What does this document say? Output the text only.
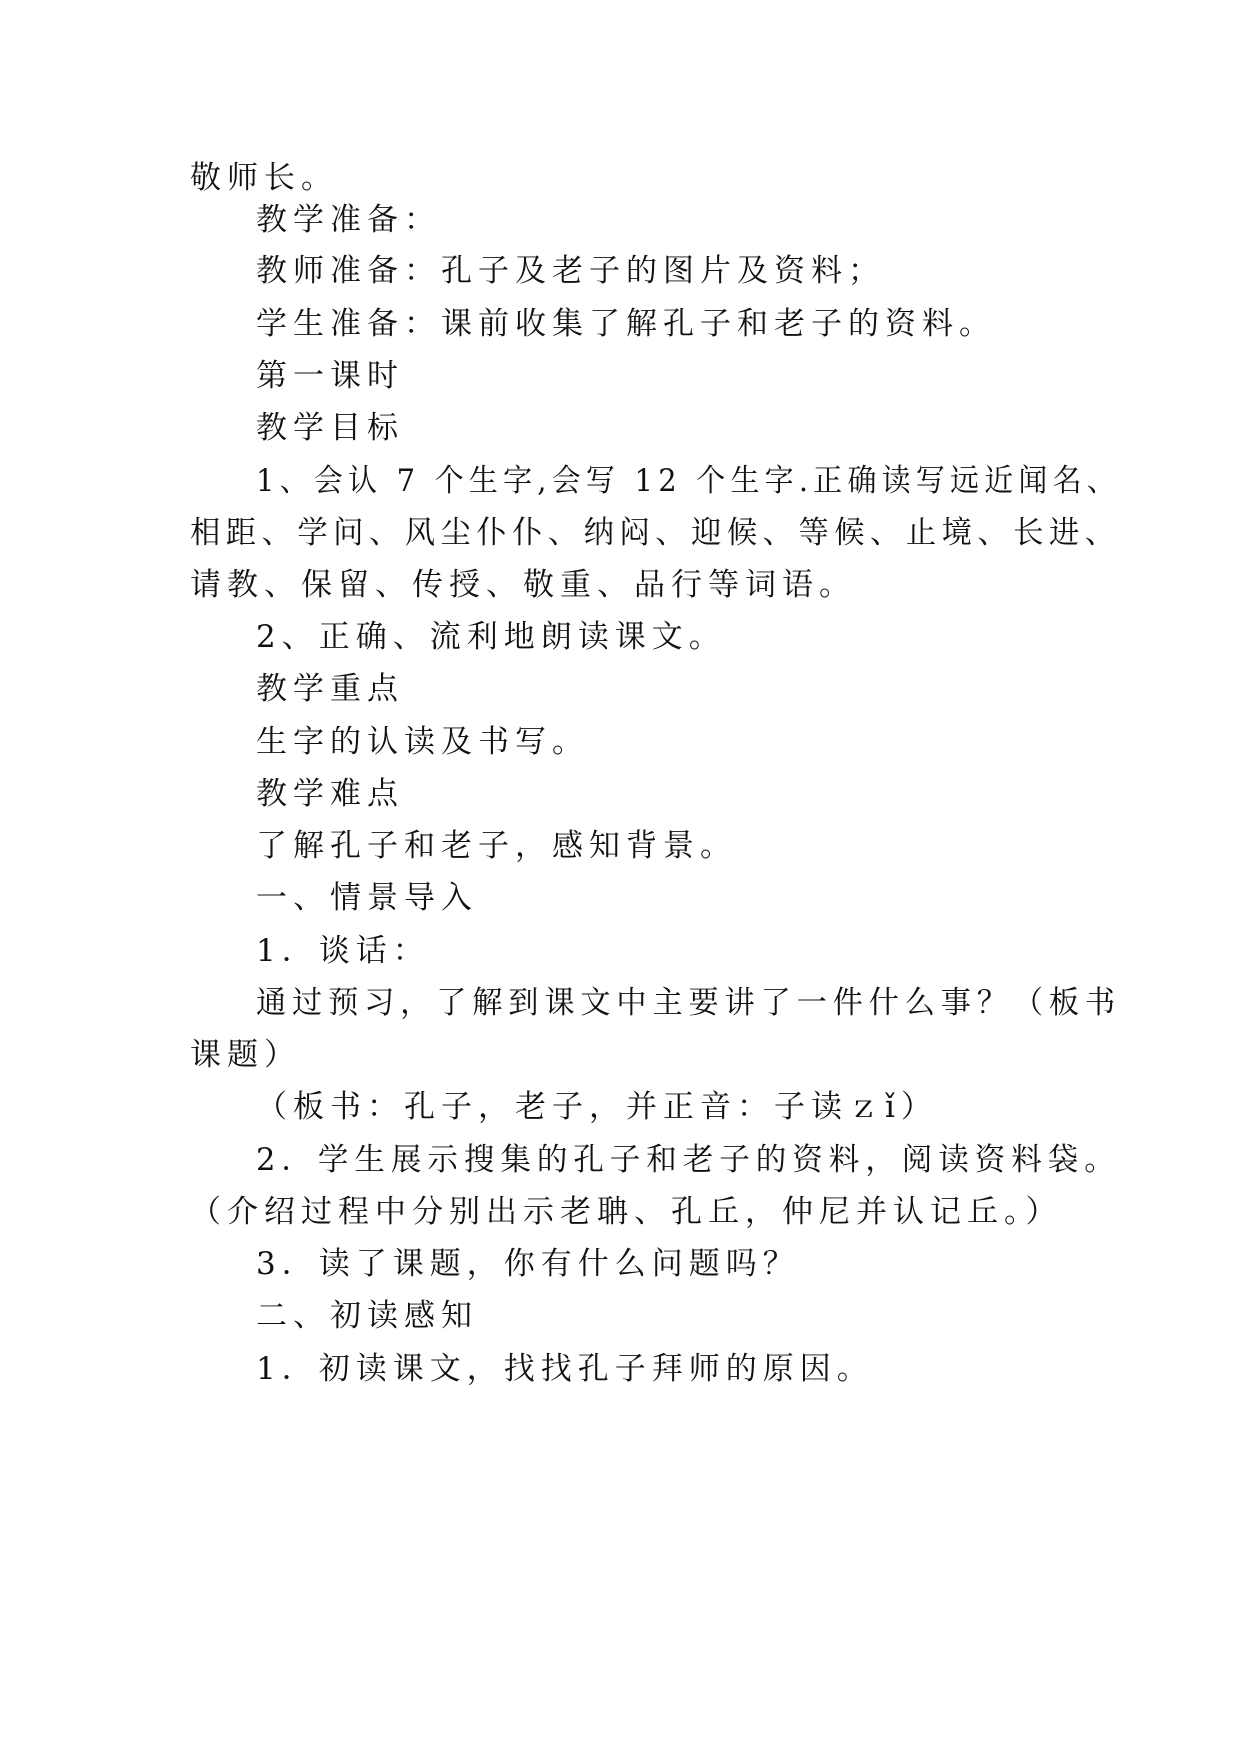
敬师长。
教学准备：
教师准备：孔子及老子的图片及资料；
学生准备：课前收集了解孔子和老子的资料。
第一课时
教学目标
1、会认 7 个生字,会写 12 个生字.正确读写远近闻名、
相距、学问、风尘仆仆、纳闷、迎候、等候、止境、长进、
请教、保留、传授、敬重、品行等词语。
2、正确、流利地朗读课文。
教学重点
生字的认读及书写。
教学难点
了解孔子和老子，感知背景。
一、情景导入
1．谈话：
通过预习，了解到课文中主要讲了一件什么事？（板书
课题）
（板书：孔子，老子，并正音：子读ｚǐ）
2．学生展示搜集的孔子和老子的资料，阅读资料袋。
（介绍过程中分别出示老聃、孔丘，仲尼并认记丘。）
3．读了课题，你有什么问题吗？
二、初读感知
1．初读课文，找找孔子拜师的原因。
